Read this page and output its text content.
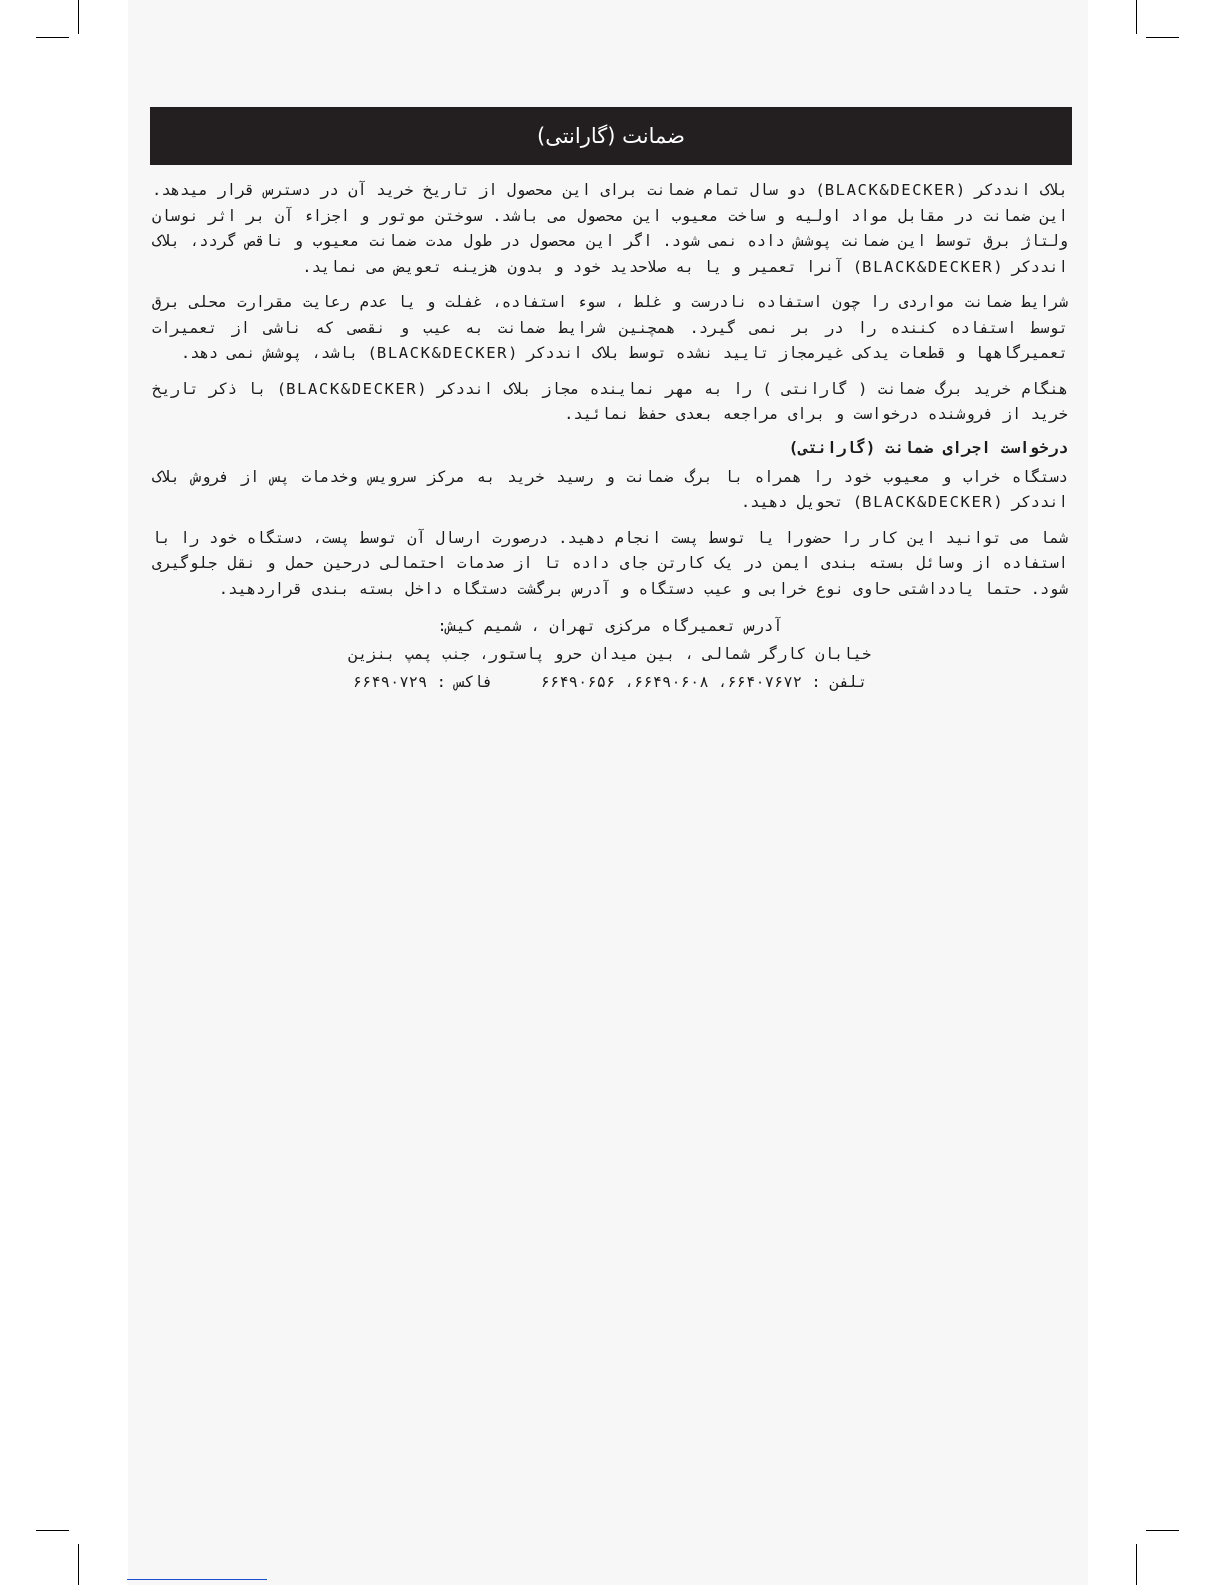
ضمانت (گارانتی)

بلاک انددکر (BLACK&DECKER) دو سال تمام ضمانت برای این محصول از تاریخ خرید آن در دسترس قرار میدهد. این ضمانت در مقابل مواد اولیه و ساخت معیوب این محصول می باشد. سوختن موتور و اجزاء آن بر اثر نوسان ولتاژ برق توسط این ضمانت پوشش داده نمی شود. اگر این محصول در طول مدت ضمانت معیوب و ناقص گردد، بلاک انددکر (BLACK&DECKER) آنرا تعمیر و یا به صلاحدید خود و بدون هزینه تعویض می نماید.

شرایط ضمانت مواردی را چون استفاده نادرست و غلط ، سوء استفاده، غفلت و یا عدم رعایت مقرارت محلی برق توسط استفاده کننده را در بر نمی گیرد. همچنین شرایط ضمانت به عیب و نقصی که ناشی از تعمیرات تعمیرگاهها و قطعات یدکی غیرمجاز تایید نشده توسط بلاک انددکر (BLACK&DECKER) باشد، پوشش نمی دهد.

هنگام خرید برگ ضمانت ( گارانتی ) را به مهر نماینده مجاز بلاک انددکر (BLACK&DECKER) با ذکر تاریخ خرید از فروشنده درخواست و برای مراجعه بعدی حفظ نمائید.

درخواست اجرای ضمانت (گارانتی)

دستگاه خراب و معیوب خود را همراه با برگ ضمانت و رسید خرید به مرکز سرویس وخدمات پس از فروش بلاک انددکر (BLACK&DECKER) تحویل دهید.

شما می توانید این کار را حضورا یا توسط پست انجام دهید. درصورت ارسال آن توسط پست، دستگاه خود را با استفاده از وسائل بسته بندی ایمن در یک کارتن جای داده تا از صدمات احتمالی درحین حمل و نقل جلوگیری شود. حتما یادداشتی حاوی نوع خرابی و عیب دستگاه و آدرس برگشت دستگاه داخل بسته بندی قراردهید.

آدرس تعمیرگاه مرکزی تهران ، شمیم کیش:
خیابان کارگر شمالی ، بین میدان حرو پاستور، جنب پمپ بنزین
تلفن : ۶۶۴۰۷۶۷۲، ۶۶۴۹۰۶۰۸، ۶۶۴۹۰۶۵۶فاکس : ۶۶۴۹۰۷۲۹
